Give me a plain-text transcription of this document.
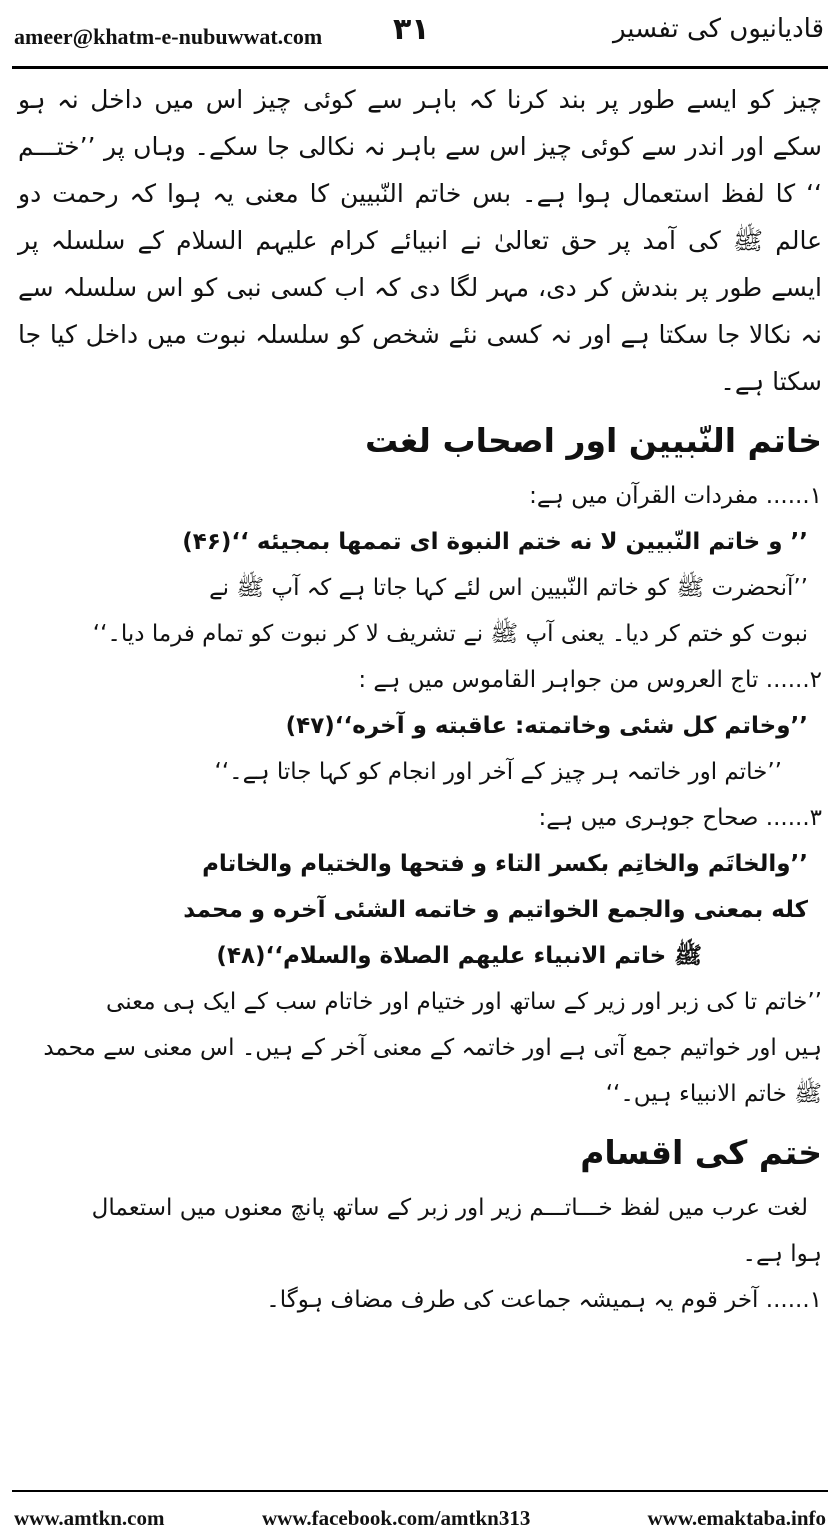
ameer@khatm-e-nubuwwat.com ۳۱	قادیانیوں کی تفسیر

چیز کو ایسے طور پر بند کرنا کہ باہر سے کوئی چیز اس میں داخل نہ ہو سکے اور اندر سے کوئی چیز اس سے باہر نہ نکالی جا سکے۔ وہاں پر ’’ختـــم ‘‘ کا لفظ استعمال ہوا ہے۔ بس خاتم النّبیین کا معنی یہ ہوا کہ رحمت دو عالم ﷺ کی آمد پر حق تعالیٰ نے انبیائے کرام علیہم السلام کے سلسلہ پر ایسے طور پر بندش کر دی، مہر لگا دی کہ اب کسی نبی کو اس سلسلہ سے نہ نکالا جا سکتا ہے اور نہ کسی نئے شخص کو سلسلہ نبوت میں داخل کیا جا سکتا ہے۔

خاتم النّبیین اور اصحاب لغت
۱...... مفردات القرآن میں ہے:
’’ و خاتم النّبیین لا نه ختم النبوة ای تممها بمجیئه ‘‘(۴۶)
’’آنحضرت ﷺ کو خاتم النّبیین اس لئے کہا جاتا ہے کہ آپ ﷺ نے
نبوت کو ختم کر دیا۔ یعنی آپ ﷺ نے تشریف لا کر نبوت کو تمام فرما دیا۔‘‘
۲...... تاج العروس من جواہر القاموس میں ہے :
’’وخاتم کل شئی وخاتمته: عاقبته و آخره‘‘(۴۷)
’’خاتم اور خاتمہ ہر چیز کے آخر اور انجام کو کہا جاتا ہے۔‘‘
۳...... صحاح جوہری میں ہے:
’’والخاتَم والخاتِم بکسر التاء و فتحها والختیام والخاتام
كله بمعنى والجمع الخواتیم و خاتمه الشئی آخره و محمد
ﷺ خاتم الانبیاء علیهم الصلاة والسلام‘‘(۴۸)
’’خاتم تا کی زبر اور زیر کے ساتھ اور ختیام اور خاتام سب کے ایک ہی معنی
ہیں اور خواتیم جمع آتی ہے اور خاتمہ کے معنی آخر کے ہیں۔ اس معنی سے محمد
ﷺ خاتم الانبیاء ہیں۔‘‘
ختم کی اقسام
لغت عرب میں لفظ خـــاتـــم زیر اور زبر کے ساتھ پانچ معنوں میں استعمال
ہوا ہے۔
۱...... آخر قوم یہ ہمیشہ جماعت کی طرف مضاف ہوگا۔
www.amtkn.com	www.facebook.com/amtkn313	www.emaktaba.info
